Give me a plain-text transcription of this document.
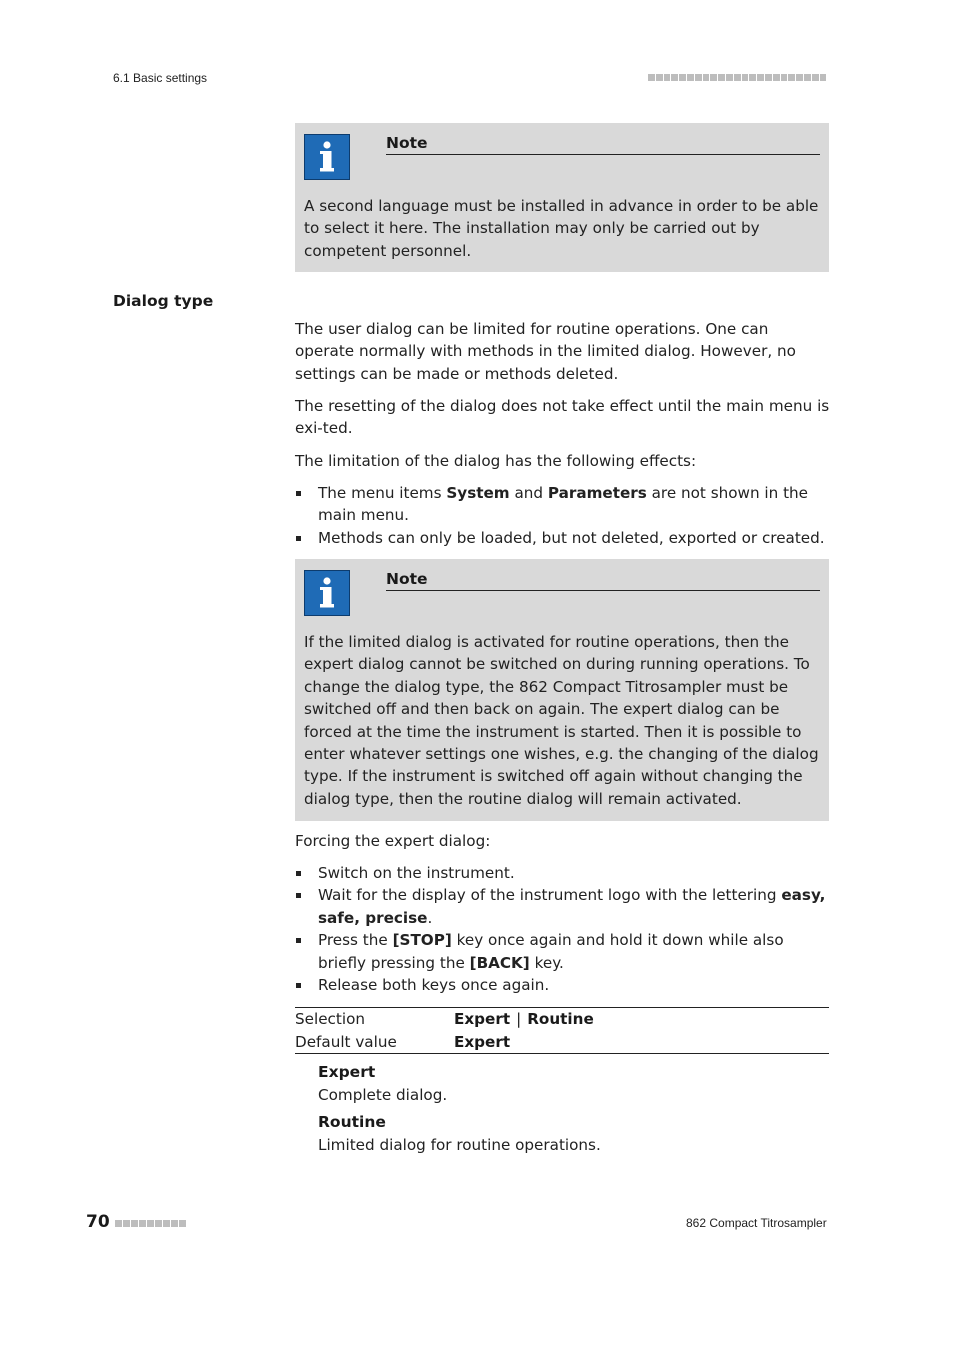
6.1 Basic settings
Note
A second language must be installed in advance in order to be able to select it here. The installation may only be carried out by competent personnel.
Dialog type
The user dialog can be limited for routine operations. One can operate normally with methods in the limited dialog. However, no settings can be made or methods deleted.
The resetting of the dialog does not take effect until the main menu is exi-ted.
The limitation of the dialog has the following effects:
The menu items System and Parameters are not shown in the main menu.
Methods can only be loaded, but not deleted, exported or created.
Note
If the limited dialog is activated for routine operations, then the expert dialog cannot be switched on during running operations. To change the dialog type, the 862 Compact Titrosampler must be switched off and then back on again. The expert dialog can be forced at the time the instrument is started. Then it is possible to enter whatever settings one wishes, e.g. the changing of the dialog type. If the instrument is switched off again without changing the dialog type, then the routine dialog will remain activated.
Forcing the expert dialog:
Switch on the instrument.
Wait for the display of the instrument logo with the lettering easy, safe, precise.
Press the [STOP] key once again and hold it down while also briefly pressing the [BACK] key.
Release both keys once again.
Selection	Expert | Routine
Default value	Expert
Expert
Complete dialog.
Routine
Limited dialog for routine operations.
70	862 Compact Titrosampler
